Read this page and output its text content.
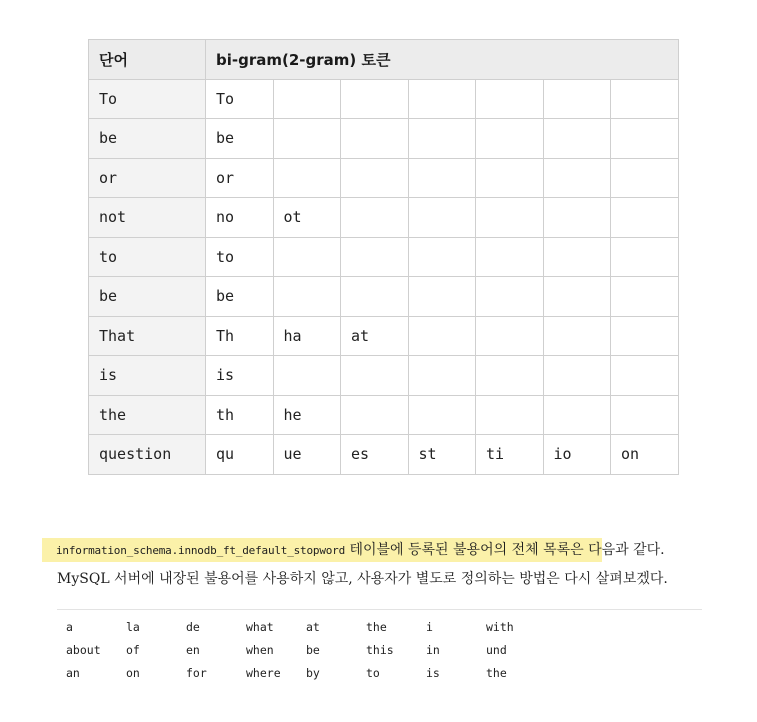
단어	bi-gram(2-gram) 토큰						
To	To						
be	be						
or	or						
not	no	ot					
to	to						
be	be						
That	Th	ha	at				
is	is						
the	th	he					
question	qu	ue	es	st	ti	io	on
information_schema.innodb_ft_default_stopword 테이블에 등록된 불용어의 전체 목록은 다음과 같다.
MySQL 서버에 내장된 불용어를 사용하지 않고, 사용자가 별도로 정의하는 방법은 다시 살펴보겠다.
a	la	de	what	at	the	i	with
about	of	en	when	be	this	in	und
an	on	for	where	by	to	is	the
